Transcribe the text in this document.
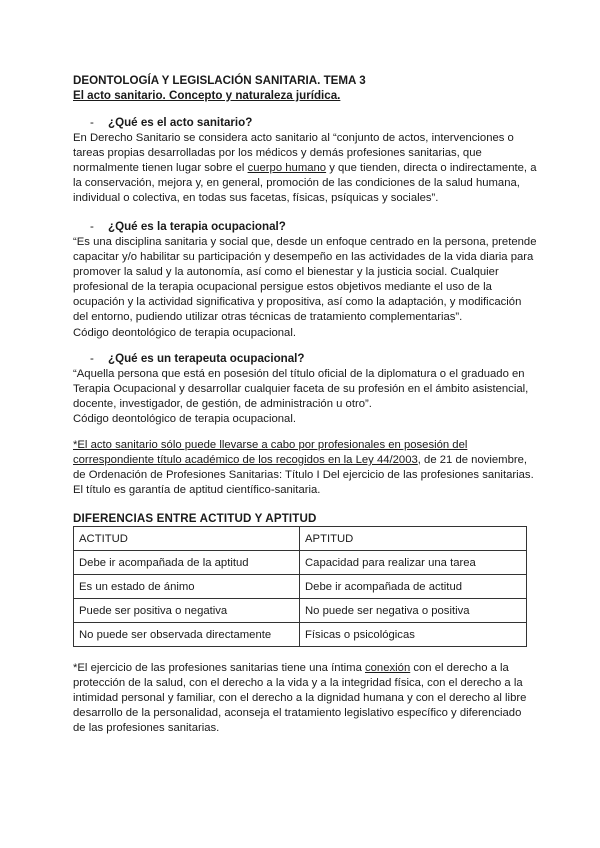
DEONTOLOGÍA Y LEGISLACIÓN SANITARIA. TEMA 3
El acto sanitario. Concepto y naturaleza jurídica.
- ¿Qué es el acto sanitario?
En Derecho Sanitario se considera acto sanitario al “conjunto de actos, intervenciones o
tareas propias desarrolladas por los médicos y demás profesiones sanitarias, que
normalmente tienen lugar sobre el cuerpo humano y que tienden, directa o indirectamente, a
la conservación, mejora y, en general, promoción de las condiciones de la salud humana,
individual o colectiva, en todas sus facetas, físicas, psíquicas y sociales”.
- ¿Qué es la terapia ocupacional?
“Es una disciplina sanitaria y social que, desde un enfoque centrado en la persona, pretende
capacitar y/o habilitar su participación y desempeño en las actividades de la vida diaria para
promover la salud y la autonomía, así como el bienestar y la justicia social. Cualquier
profesional de la terapia ocupacional persigue estos objetivos mediante el uso de la
ocupación y la actividad significativa y propositiva, así como la adaptación, y modificación
del entorno, pudiendo utilizar otras técnicas de tratamiento complementarias”.
Código deontológico de terapia ocupacional.
- ¿Qué es un terapeuta ocupacional?
“Aquella persona que está en posesión del título oficial de la diplomatura o el graduado en
Terapia Ocupacional y desarrollar cualquier faceta de su profesión en el ámbito asistencial,
docente, investigador, de gestión, de administración u otro”.
Código deontológico de terapia ocupacional.
*El acto sanitario sólo puede llevarse a cabo por profesionales en posesión del
correspondiente título académico de los recogidos en la Ley 44/2003, de 21 de noviembre,
de Ordenación de Profesiones Sanitarias: Título I Del ejercicio de las profesiones sanitarias.
El título es garantía de aptitud científico-sanitaria.
DIFERENCIAS ENTRE ACTITUD Y APTITUD
ACTITUD	APTITUD
Debe ir acompañada de la aptitud	Capacidad para realizar una tarea
Es un estado de ánimo	Debe ir acompañada de actitud
Puede ser positiva o negativa	No puede ser negativa o positiva
No puede ser observada directamente	Físicas o psicológicas
*El ejercicio de las profesiones sanitarias tiene una íntima conexión con el derecho a la
protección de la salud, con el derecho a la vida y a la integridad física, con el derecho a la
intimidad personal y familiar, con el derecho a la dignidad humana y con el derecho al libre
desarrollo de la personalidad, aconseja el tratamiento legislativo específico y diferenciado
de las profesiones sanitarias.
